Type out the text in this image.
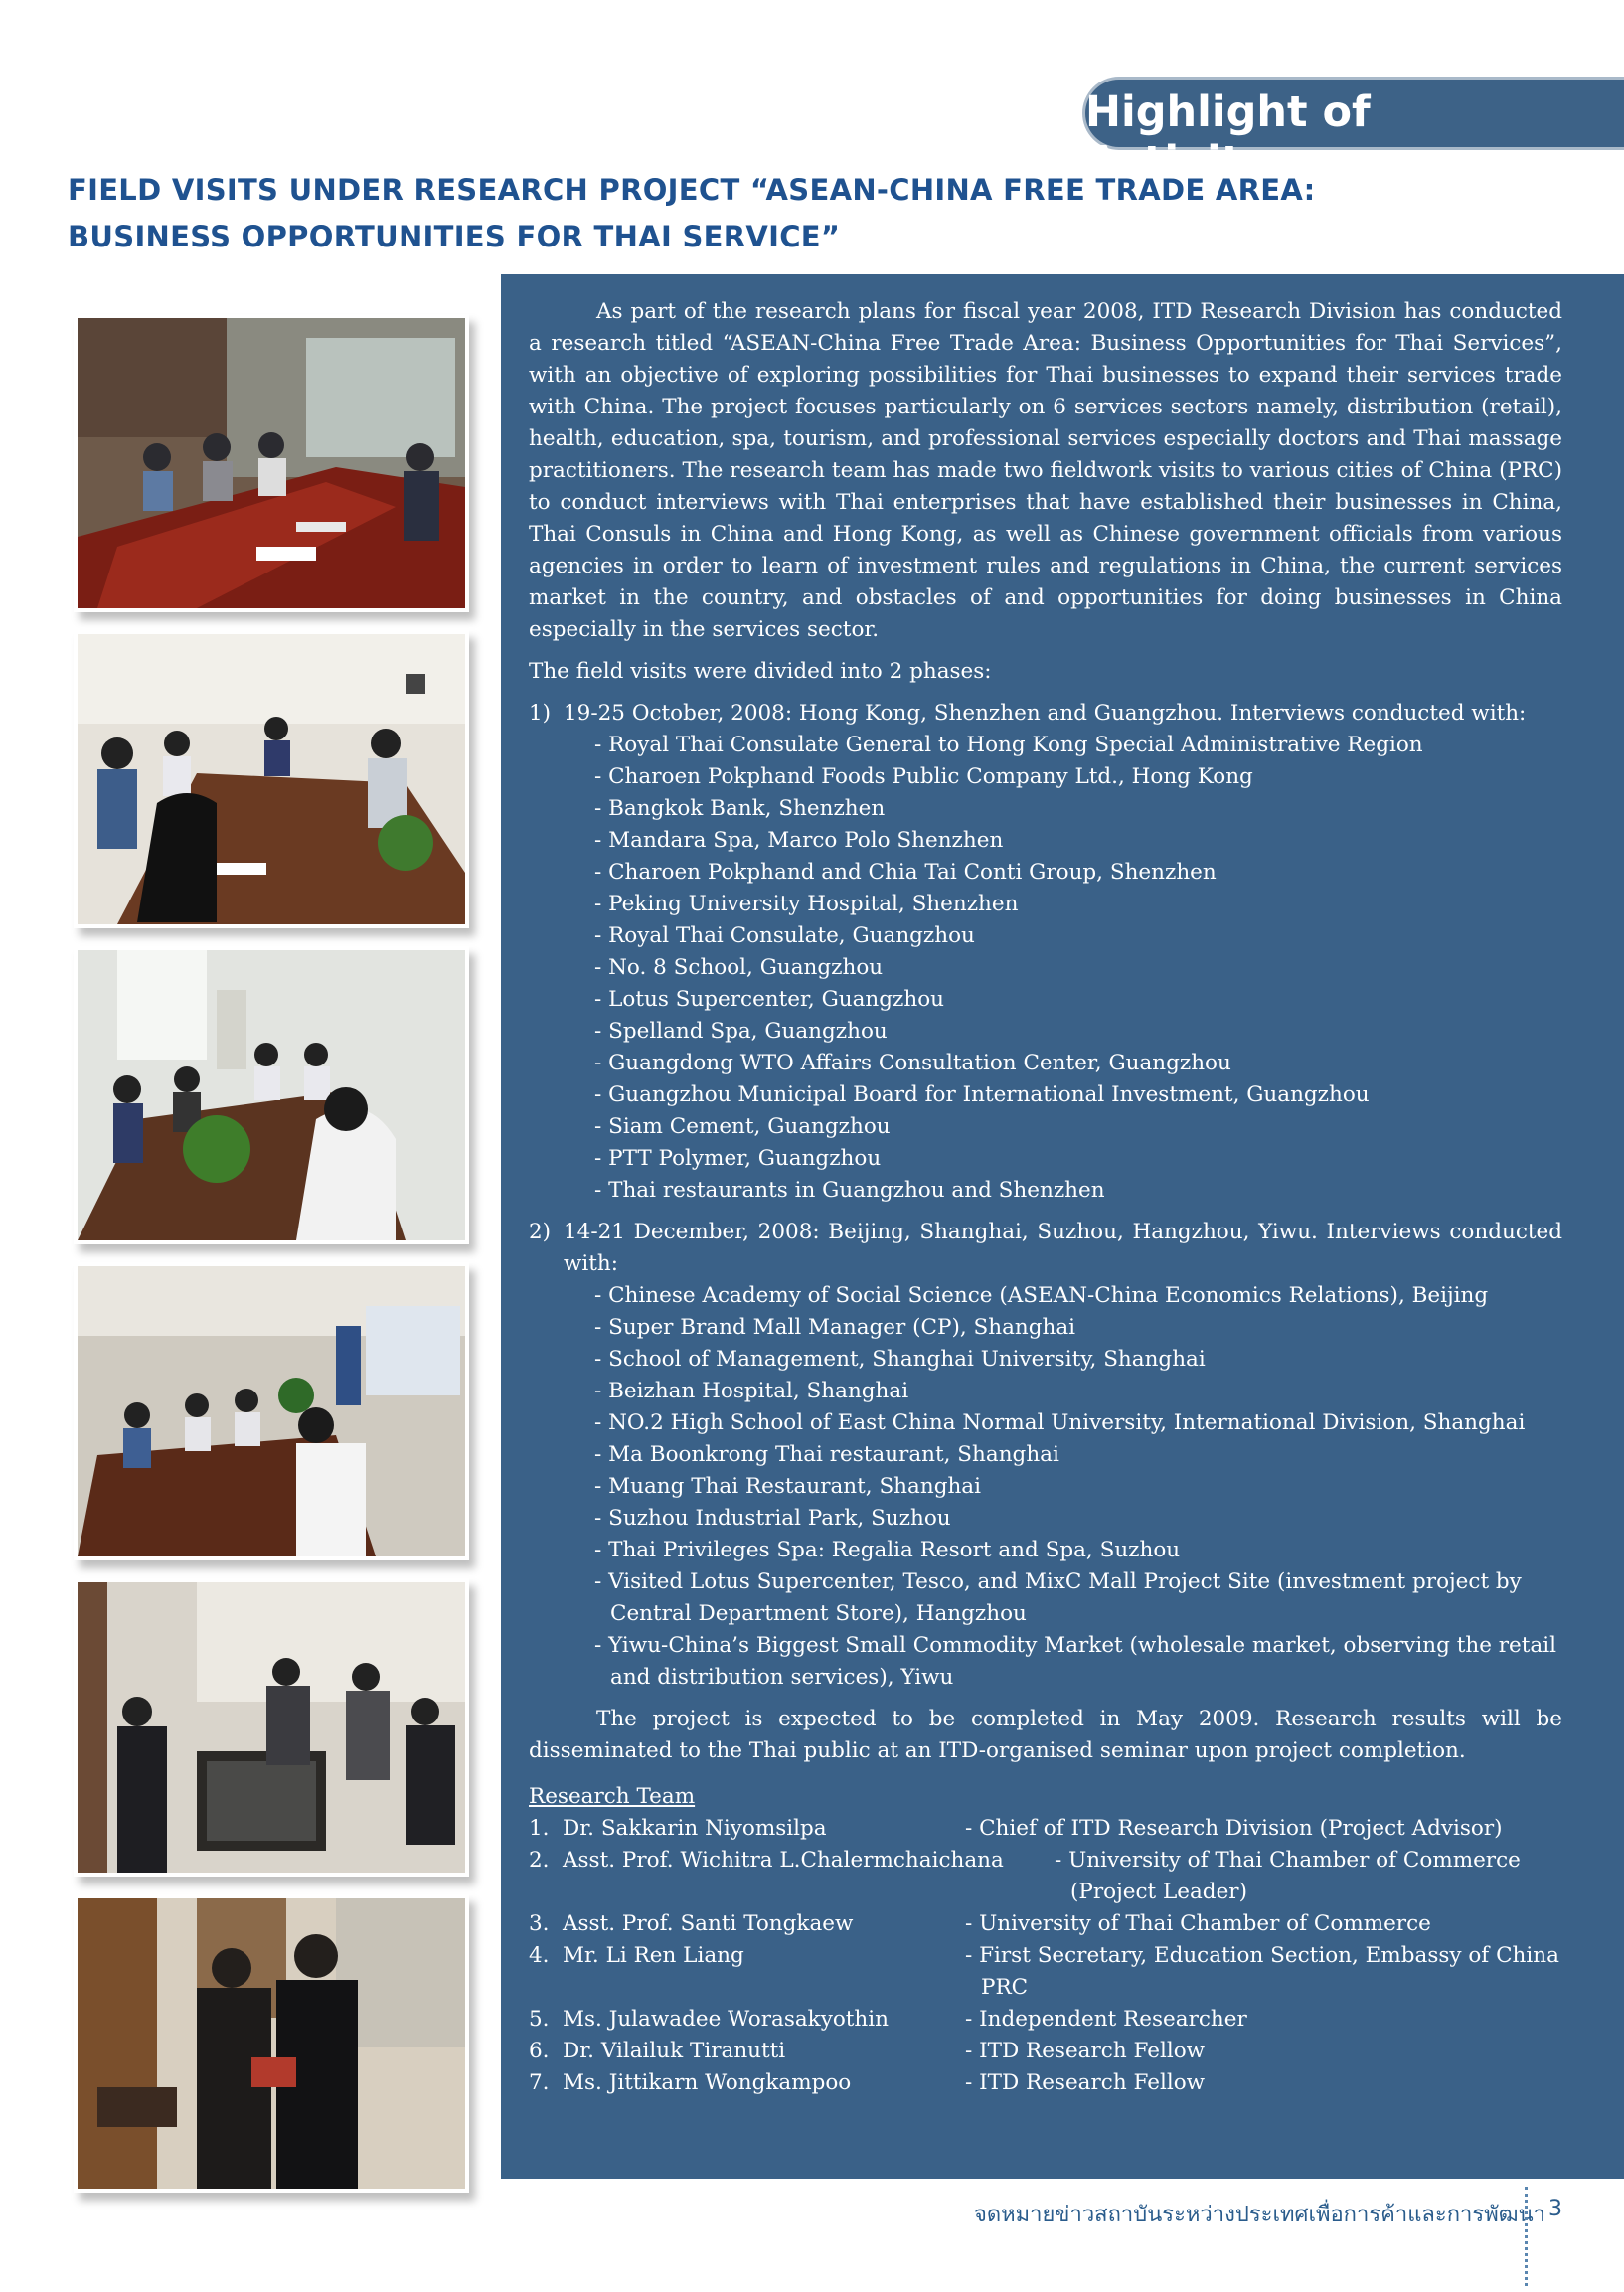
Highlight of Activity
FIELD VISITS UNDER RESEARCH PROJECT “ASEAN-CHINA FREE TRADE AREA:
BUSINESS OPPORTUNITIES FOR THAI SERVICE”

As part of the research plans for fiscal year 2008, ITD Research Division has conducted a research titled “ASEAN-China Free Trade Area: Business Opportunities for Thai Services”, with an objective of exploring possibilities for Thai businesses to expand their services trade with China. The project focuses particularly on 6 services sectors namely, distribution (retail), health, education, spa, tourism, and professional services especially doctors and Thai massage practitioners. The research team has made two fieldwork visits to various cities of China (PRC) to conduct interviews with Thai enterprises that have established their businesses in China, Thai Consuls in China and Hong Kong, as well as Chinese government officials from various agencies in order to learn of investment rules and regulations in China, the current services market in the country, and obstacles of and opportunities for doing businesses in China especially in the services sector.

The field visits were divided into 2 phases:

1) 19-25 October, 2008: Hong Kong, Shenzhen and Guangzhou. Interviews conducted with:
- Royal Thai Consulate General to Hong Kong Special Administrative Region
- Charoen Pokphand Foods Public Company Ltd., Hong Kong
- Bangkok Bank, Shenzhen
- Mandara Spa, Marco Polo Shenzhen
- Charoen Pokphand and Chia Tai Conti Group, Shenzhen
- Peking University Hospital, Shenzhen
- Royal Thai Consulate, Guangzhou
- No. 8 School, Guangzhou
- Lotus Supercenter, Guangzhou
- Spelland Spa, Guangzhou
- Guangdong WTO Affairs Consultation Center, Guangzhou
- Guangzhou Municipal Board for International Investment, Guangzhou
- Siam Cement, Guangzhou
- PTT Polymer, Guangzhou
- Thai restaurants in Guangzhou and Shenzhen
2) 14-21 December, 2008: Beijing, Shanghai, Suzhou, Hangzhou, Yiwu. Interviews conducted with:
- Chinese Academy of Social Science (ASEAN-China Economics Relations), Beijing
- Super Brand Mall Manager (CP), Shanghai
- School of Management, Shanghai University, Shanghai
- Beizhan Hospital, Shanghai
- NO.2 High School of East China Normal University, International Division, Shanghai
- Ma Boonkrong Thai restaurant, Shanghai
- Muang Thai Restaurant, Shanghai
- Suzhou Industrial Park, Suzhou
- Thai Privileges Spa: Regalia Resort and Spa, Suzhou
- Visited Lotus Supercenter, Tesco, and MixC Mall Project Site (investment project by Central Department Store), Hangzhou
- Yiwu-China’s Biggest Small Commodity Market (wholesale market, observing the retail and distribution services), Yiwu

The project is expected to be completed in May 2009. Research results will be disseminated to the Thai public at an ITD-organised seminar upon project completion.

Research Team
1. Dr. Sakkarin Niyomsilpa	- Chief of ITD Research Division (Project Advisor)
2. Asst. Prof. Wichitra L.Chalermchaichana	- University of Thai Chamber of Commerce (Project Leader)
3. Asst. Prof. Santi Tongkaew	- University of Thai Chamber of Commerce
4. Mr. Li Ren Liang	- First Secretary, Education Section, Embassy of China PRC
5. Ms. Julawadee Worasakyothin	- Independent Researcher
6. Dr. Vilailuk Tiranutti	- ITD Research Fellow
7. Ms. Jittikarn Wongkampoo	- ITD Research Fellow
จดหมายข่าวสถาบันระหว่างประเทศเพื่อการค้าและการพัฒนา 3
